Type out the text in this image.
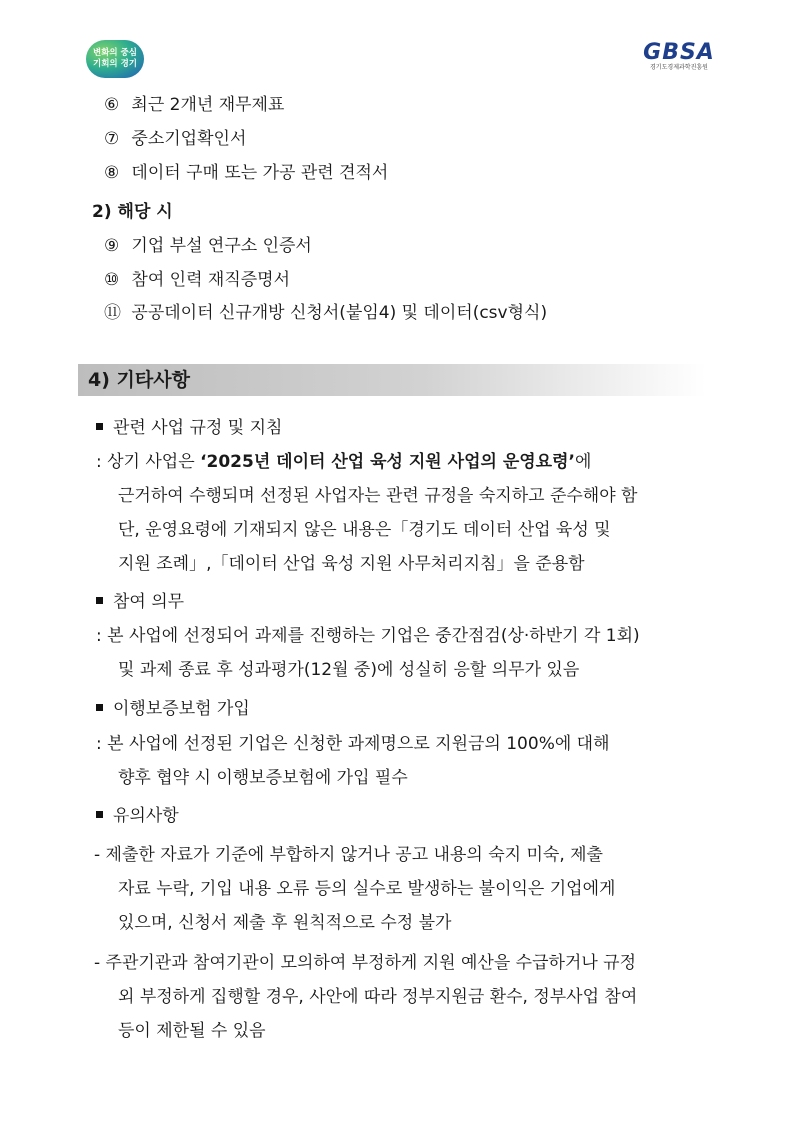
변화의 중심
기회의 경기	GBSA
경기도경제과학진흥원
⑥ 최근 2개년 재무제표
⑦ 중소기업확인서
⑧ 데이터 구매 또는 가공 관련 견적서
2) 해당 시
⑨ 기업 부설 연구소 인증서
⑩ 참여 인력 재직증명서
⑪ 공공데이터 신규개방 신청서(붙임4) 및 데이터(csv형식)
4) 기타사항
관련 사업 규정 및 지침
: 상기 사업은 ‘2025년 데이터 산업 육성 지원 사업의 운영요령’에
근거하여 수행되며 선정된 사업자는 관련 규정을 숙지하고 준수해야 함
단, 운영요령에 기재되지 않은 내용은「경기도 데이터 산업 육성 및
지원 조례」,「데이터 산업 육성 지원 사무처리지침」을 준용함
참여 의무
: 본 사업에 선정되어 과제를 진행하는 기업은 중간점검(상·하반기 각 1회)
및 과제 종료 후 성과평가(12월 중)에 성실히 응할 의무가 있음
이행보증보험 가입
: 본 사업에 선정된 기업은 신청한 과제명으로 지원금의 100%에 대해
향후 협약 시 이행보증보험에 가입 필수
유의사항
- 제출한 자료가 기준에 부합하지 않거나 공고 내용의 숙지 미숙, 제출
자료 누락, 기입 내용 오류 등의 실수로 발생하는 불이익은 기업에게
있으며, 신청서 제출 후 원칙적으로 수정 불가
- 주관기관과 참여기관이 모의하여 부정하게 지원 예산을 수급하거나 규정
외 부정하게 집행할 경우, 사안에 따라 정부지원금 환수, 정부사업 참여
등이 제한될 수 있음
